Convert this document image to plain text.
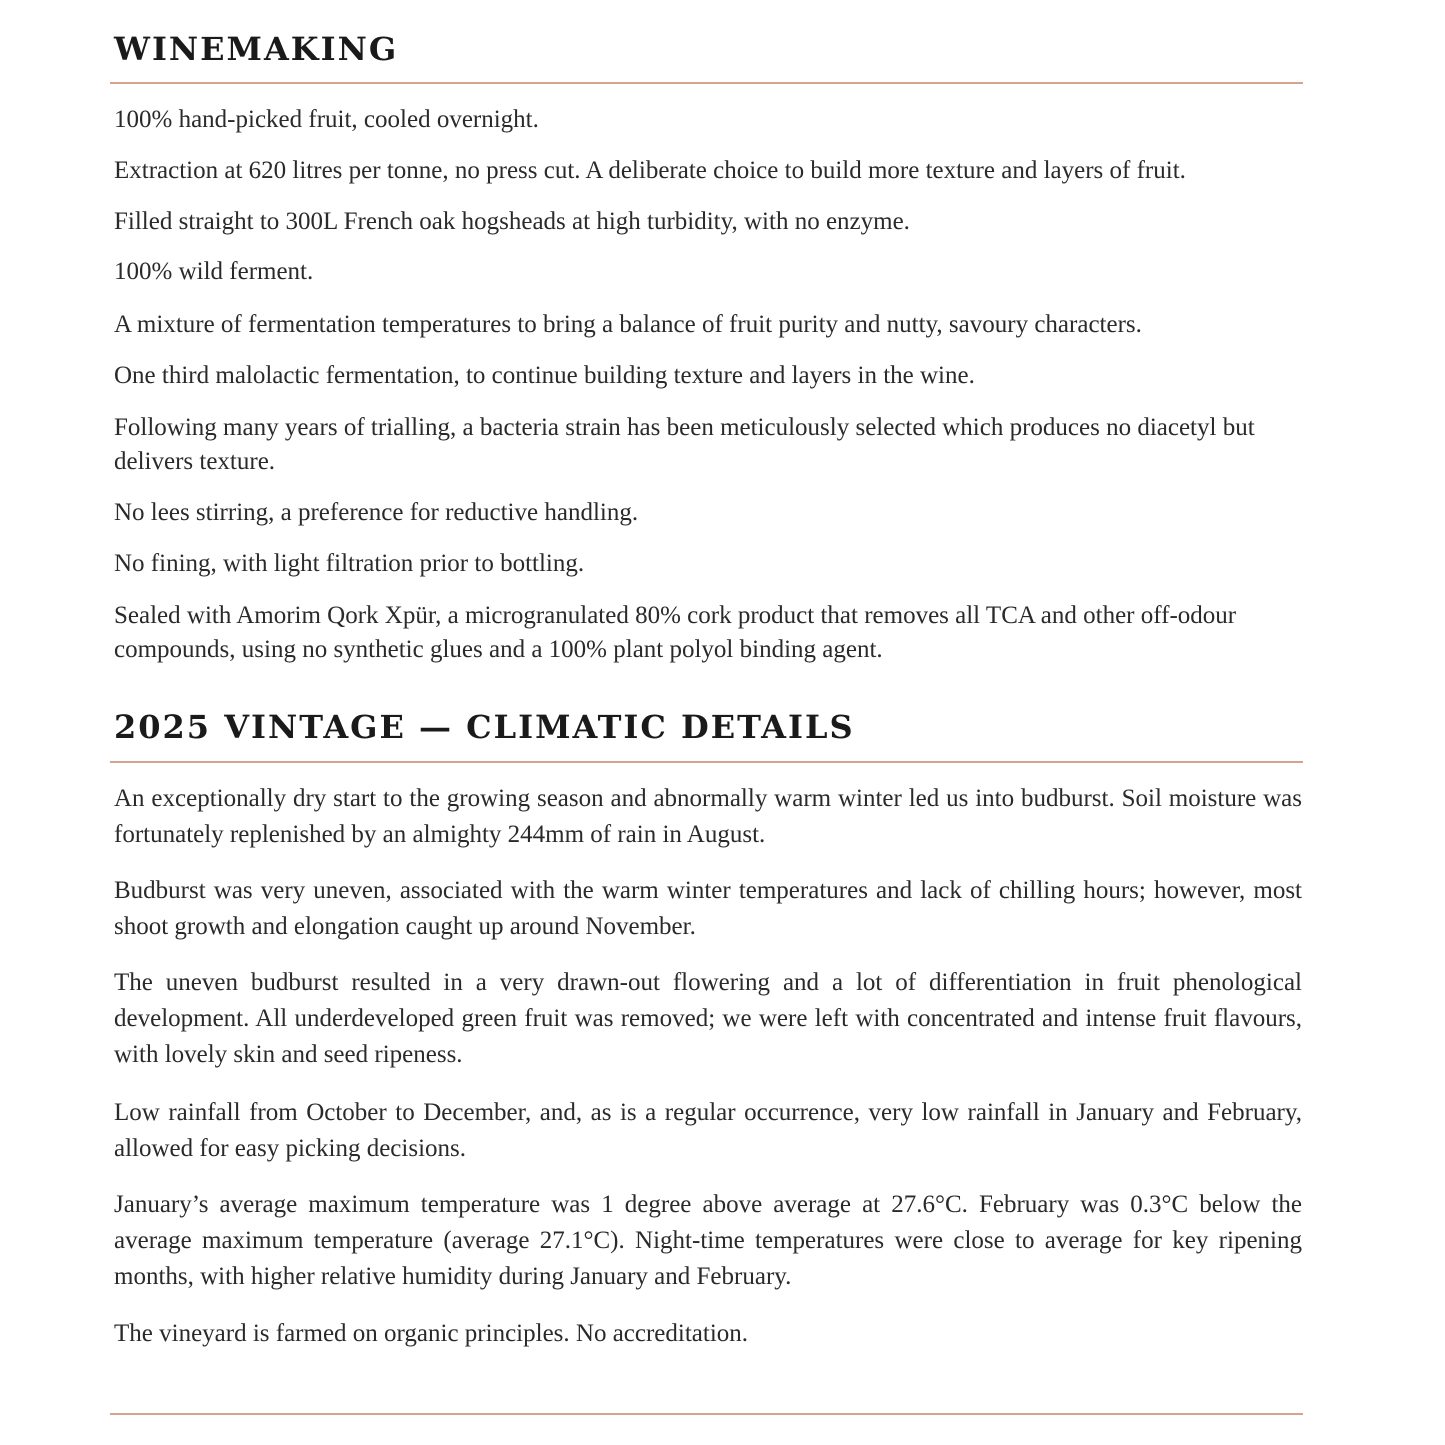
WINEMAKING

100% hand-picked fruit, cooled overnight.

Extraction at 620 litres per tonne, no press cut. A deliberate choice to build more texture and layers of fruit.

Filled straight to 300L French oak hogsheads at high turbidity, with no enzyme.

100% wild ferment.

A mixture of fermentation temperatures to bring a balance of fruit purity and nutty, savoury characters.

One third malolactic fermentation, to continue building texture and layers in the wine.

Following many years of trialling, a bacteria strain has been meticulously selected which produces no diacetyl but delivers texture.

No lees stirring, a preference for reductive handling.

No fining, with light filtration prior to bottling.

Sealed with Amorim Qork Xpür, a microgranulated 80% cork product that removes all TCA and other off-odour compounds, using no synthetic glues and a 100% plant polyol binding agent.

2025 VINTAGE — CLIMATIC DETAILS

An exceptionally dry start to the growing season and abnormally warm winter led us into budburst. Soil moisture was fortunately replenished by an almighty 244mm of rain in August.

Budburst was very uneven, associated with the warm winter temperatures and lack of chilling hours; however, most shoot growth and elongation caught up around November.

The uneven budburst resulted in a very drawn-out flowering and a lot of differentiation in fruit phenological development. All underdeveloped green fruit was removed; we were left with concentrated and intense fruit flavours, with lovely skin and seed ripeness.

Low rainfall from October to December, and, as is a regular occurrence, very low rainfall in January and February, allowed for easy picking decisions.

January’s average maximum temperature was 1 degree above average at 27.6°C. February was 0.3°C below the average maximum temperature (average 27.1°C). Night-time temperatures were close to average for key ripening months, with higher relative humidity during January and February.

The vineyard is farmed on organic principles. No accreditation.
